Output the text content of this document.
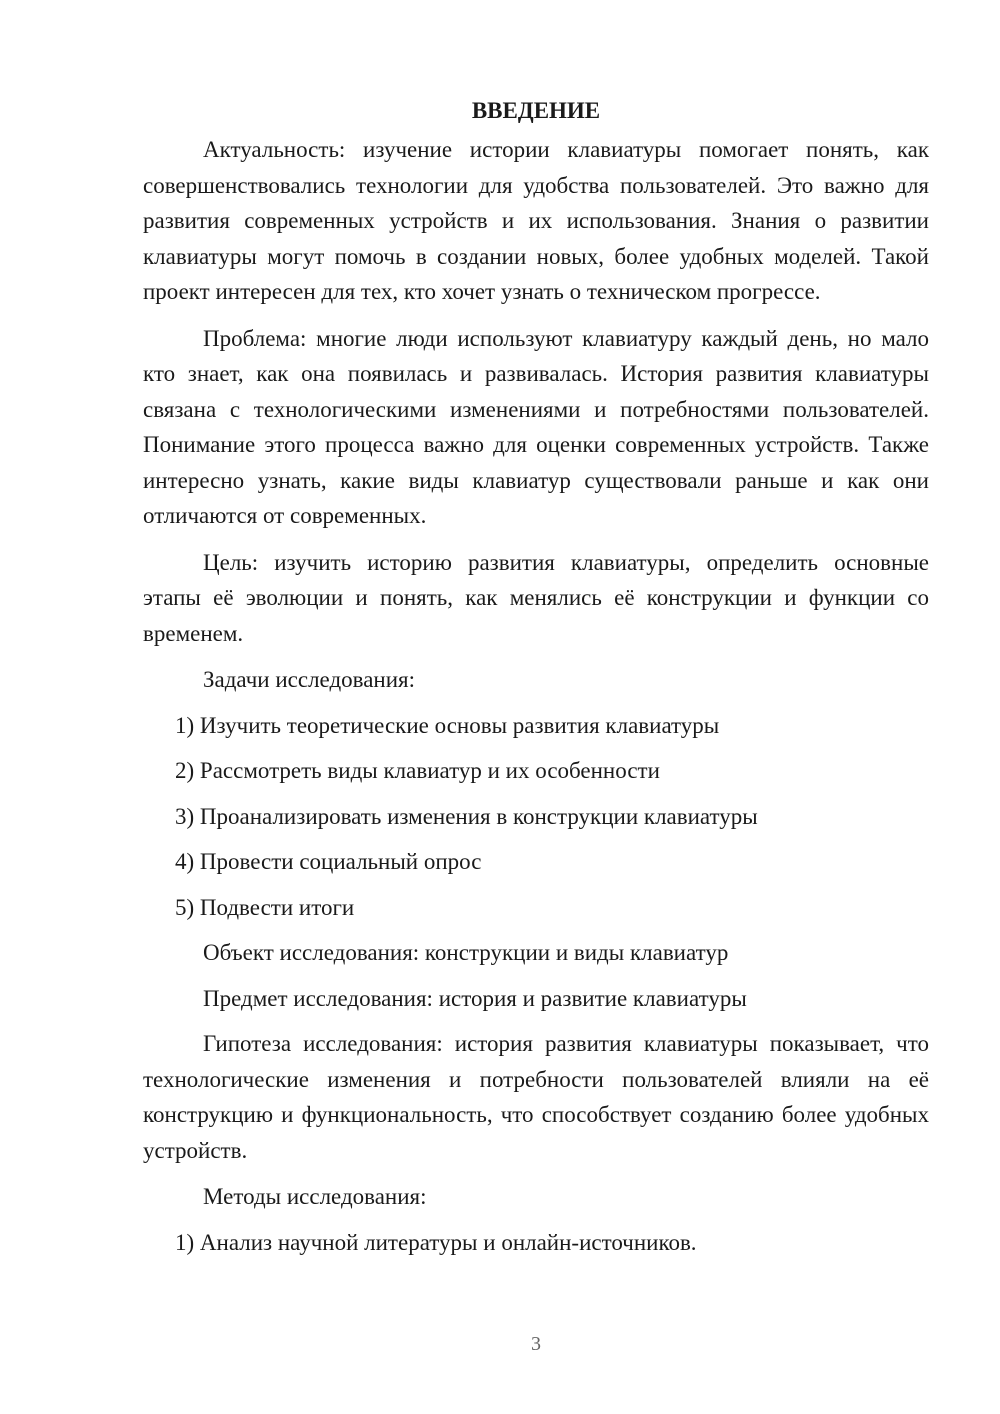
ВВЕДЕНИЕ

Актуальность: изучение истории клавиатуры помогает понять, как совершенствовались технологии для удобства пользователей. Это важно для развития современных устройств и их использования. Знания о развитии клавиатуры могут помочь в создании новых, более удобных моделей. Такой проект интересен для тех, кто хочет узнать о техническом прогрессе.

Проблема: многие люди используют клавиатуру каждый день, но мало кто знает, как она появилась и развивалась. История развития клавиатуры связана с технологическими изменениями и потребностями пользователей. Понимание этого процесса важно для оценки современных устройств. Также интересно узнать, какие виды клавиатур существовали раньше и как они отличаются от современных.

Цель: изучить историю развития клавиатуры, определить основные этапы её эволюции и понять, как менялись её конструкции и функции со временем.

Задачи исследования:

1) Изучить теоретические основы развития клавиатуры
2) Рассмотреть виды клавиатур и их особенности
3) Проанализировать изменения в конструкции клавиатуры
4) Провести социальный опрос
5) Подвести итоги

Объект исследования: конструкции и виды клавиатур

Предмет исследования: история и развитие клавиатуры

Гипотеза исследования: история развития клавиатуры показывает, что технологические изменения и потребности пользователей влияли на её конструкцию и функциональность, что способствует созданию более удобных устройств.

Методы исследования:

1) Анализ научной литературы и онлайн-источников.
3
